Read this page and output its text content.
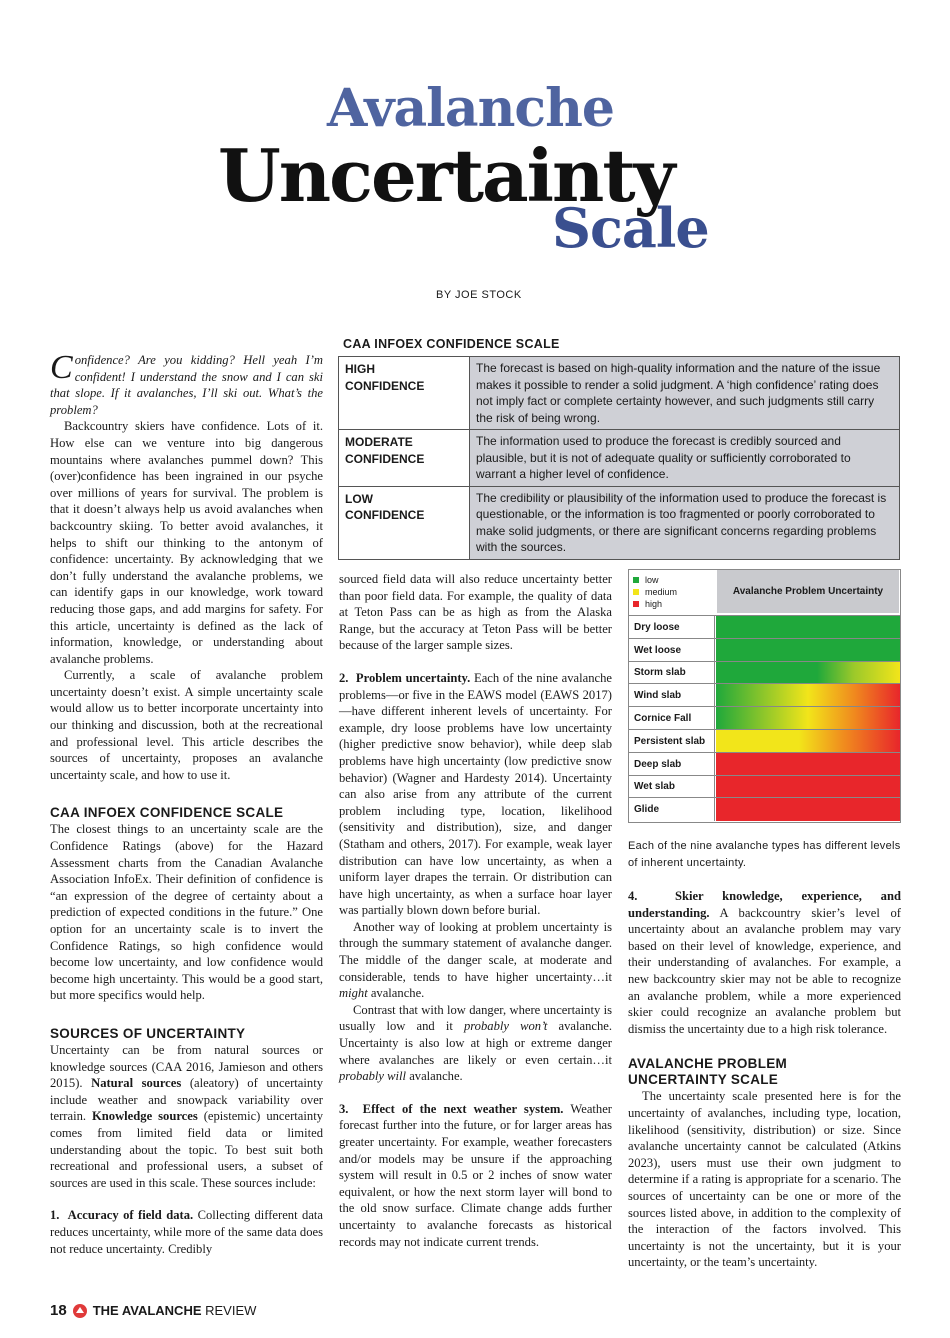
Avalanche
Uncertainty
Scale
BY JOE STOCK
CAA INFOEX CONFIDENCE SCALE
HIGH
CONFIDENCE	The forecast is based on high-quality information and the nature of the issue makes it possible to render a solid judgment. A ‘high confidence’ rating does not imply fact or complete certainty however, and such judgments still carry the risk of being wrong.
MODERATE
CONFIDENCE	The information used to produce the forecast is credibly sourced and plausible, but it is not of adequate quality or sufficiently corroborated to warrant a higher level of confidence.
LOW
CONFIDENCE	The credibility or plausibility of the information used to produce the forecast is questionable, or the information is too fragmented or poorly corroborated to make solid judgments, or there are significant concerns regarding problems with the sources.

Confidence? Are you kidding? Hell yeah I’m confident! I understand the snow and I can ski that slope. If it avalanches, I’ll ski out. What’s the problem?

Backcountry skiers have confidence. Lots of it. How else can we venture into big dangerous mountains where avalanches pummel down? This (over)confidence has been ingrained in our psyche over millions of years for survival. The problem is that it doesn’t always help us avoid avalanches when backcountry skiing. To better avoid avalanches, it helps to shift our thinking to the antonym of confidence: uncertainty. By acknowledging that we don’t fully understand the avalanche problems, we can identify gaps in our knowledge, work toward reducing those gaps, and add margins for safety. For this article, uncertainty is defined as the lack of information, knowledge, or understanding about avalanche problems.

Currently, a scale of avalanche problem uncertainty doesn’t exist. A simple uncertainty scale would allow us to better incorporate uncertainty into our thinking and discussion, both at the recreational and professional level. This article describes the sources of uncertainty, proposes an avalanche uncertainty scale, and how to use it.

CAA INFOEX CONFIDENCE SCALE

The closest things to an uncertainty scale are the Confidence Ratings (above) for the Hazard Assessment charts from the Canadian Avalanche Association InfoEx. Their definition of confidence is “an expression of the degree of certainty about a prediction of expected conditions in the future.” One option for an uncertainty scale is to invert the Confidence Ratings, so high confidence would become low uncertainty, and low confidence would become high uncertainty. This would be a good start, but more specifics would help.

SOURCES OF UNCERTAINTY

Uncertainty can be from natural sources or knowledge sources (CAA 2016, Jamieson and others 2015). Natural sources (aleatory) of uncertainty include weather and snowpack variability over terrain. Knowledge sources (epistemic) uncertainty comes from limited field data or limited understanding about the topic. To best suit both recreational and professional users, a subset of sources are used in this scale. These sources include:

1.  Accuracy of field data. Collecting different data reduces uncertainty, while more of the same data does not reduce uncertainty. Credibly

sourced field data will also reduce uncertainty better than poor field data. For example, the quality of data at Teton Pass can be as high as from the Alaska Range, but the accuracy at Teton Pass will be better because of the larger sample sizes.

2.  Problem uncertainty. Each of the nine avalanche problems—or five in the EAWS model (EAWS 2017)—have different inherent levels of uncertainty. For example, dry loose problems have low uncertainty (higher predictive snow behavior), while deep slab problems have high uncertainty (low predictive snow behavior) (Wagner and Hardesty 2014). Uncertainty can also arise from any attribute of the current problem including type, location, likelihood (sensitivity and distribution), size, and danger (Statham and others, 2017). For example, weak layer distribution can have low uncertainty, as when a uniform layer drapes the terrain. Or distribution can have high uncertainty, as when a surface hoar layer was partially blown down before burial.

Another way of looking at problem uncertainty is through the summary statement of avalanche danger. The middle of the danger scale, at moderate and considerable, tends to have higher uncertainty…it might avalanche.

Contrast that with low danger, where uncertainty is usually low and it probably won’t avalanche. Uncertainty is also low at high or extreme danger where avalanches are likely or even certain…it probably will avalanche.

3.  Effect of the next weather system. Weather forecast further into the future, or for larger areas has greater uncertainty. For example, weather forecasters and/or models may be unsure if the approaching system will result in 0.5 or 2 inches of snow water equivalent, or how the next storm layer will bond to the old snow surface. Climate change adds further uncertainty to avalanche forecasts as historical records may not indicate current trends.

low
medium
high
Avalanche Problem Uncertainty
Dry loose
Wet loose
Storm slab
Wind slab
Cornice Fall
Persistent slab
Deep slab
Wet slab
Glide
Each of the nine avalanche types has different levels of inherent uncertainty.

4.  Skier knowledge, experience, and understanding. A backcountry skier’s level of uncertainty about an avalanche problem may vary based on their level of knowledge, experience, and their understanding of avalanches. For example, a new backcountry skier may not be able to recognize an avalanche problem, while a more experienced skier could recognize an avalanche problem but dismiss the uncertainty due to a high risk tolerance.

AVALANCHE PROBLEM
UNCERTAINTY SCALE

The uncertainty scale presented here is for the uncertainty of avalanches, including type, location, likelihood (sensitivity, distribution) or size. Since avalanche uncertainty cannot be calculated (Atkins 2023), users must use their own judgment to determine if a rating is appropriate for a scenario. The sources of uncertainty can be one or more of the sources listed above, in addition to the complexity of the interaction of the factors involved. This uncertainty is not the uncertainty, but it is your uncertainty, or the team’s uncertainty.

18 THE AVALANCHE REVIEW
